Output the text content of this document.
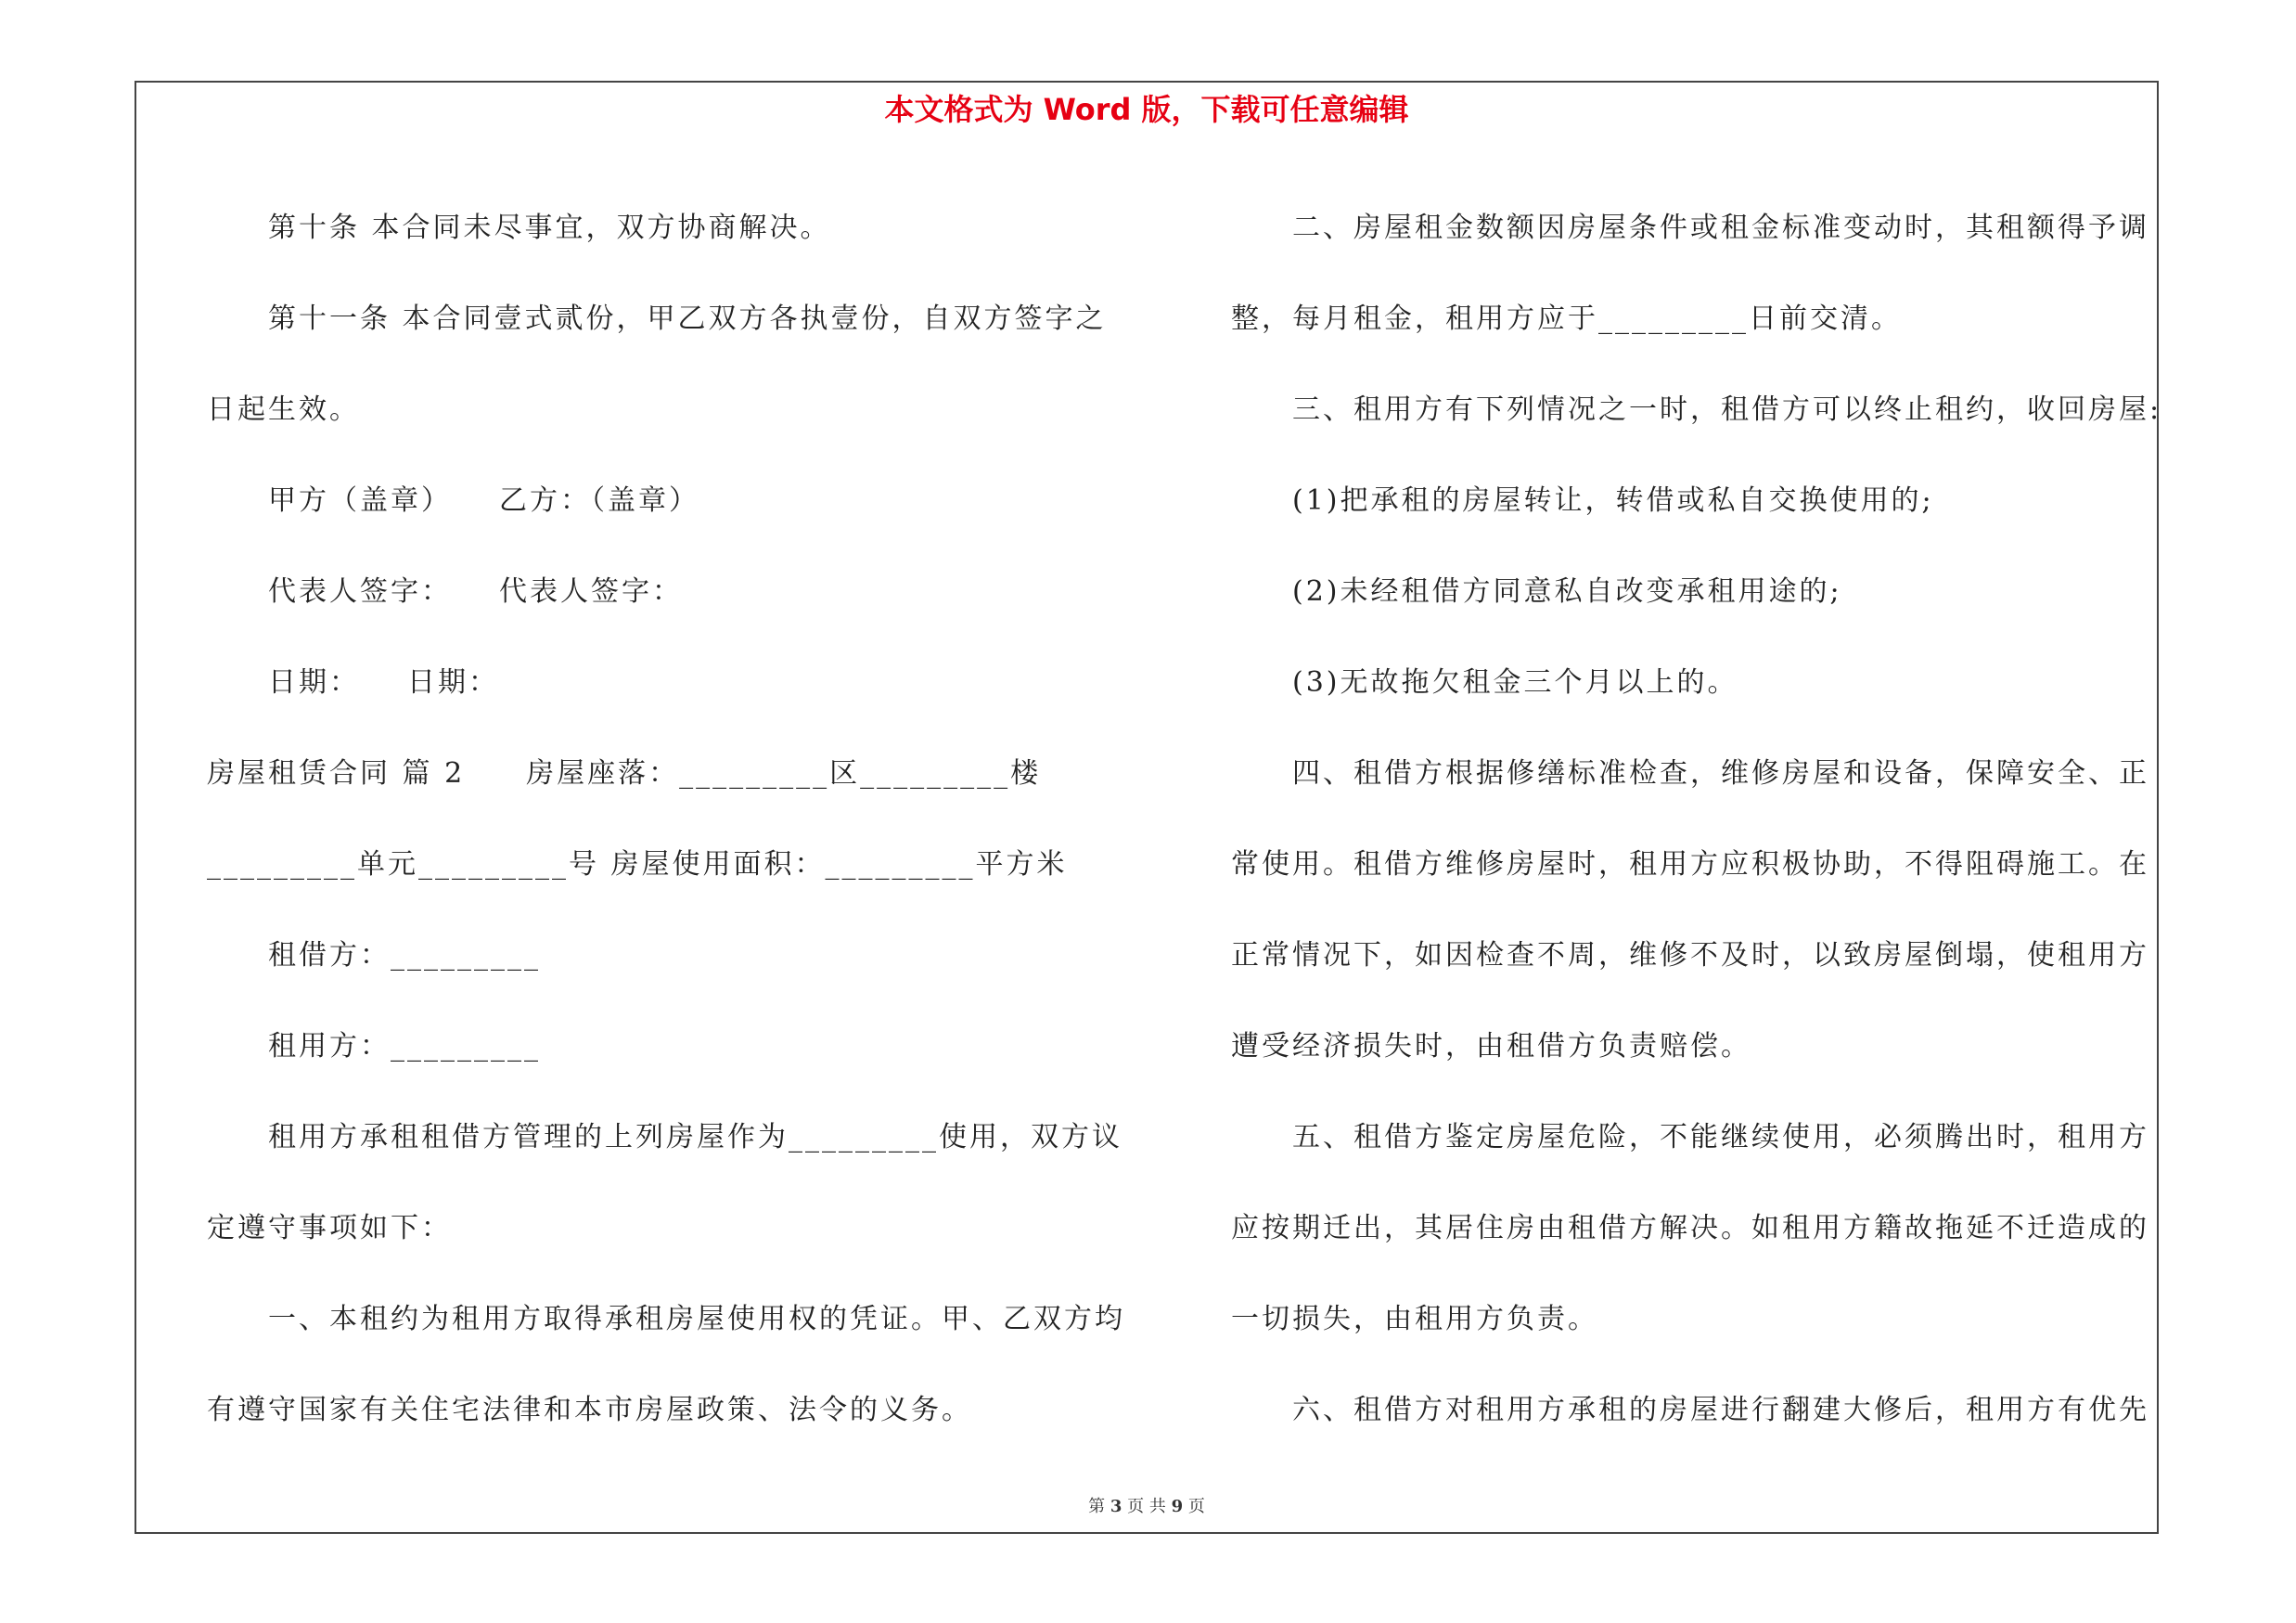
本文格式为 Word 版，下载可任意编辑
第十条 本合同未尽事宜，双方协商解决。
第十一条 本合同壹式贰份，甲乙双方各执壹份，自双方签字之
日起生效。
甲方（盖章）　　乙方：（盖章）
代表人签字：　　代表人签字：
日期：　　日期：
房屋租赁合同 篇 2　　房屋座落：_________区_________楼
_________单元_________号 房屋使用面积：_________平方米
租借方：_________
租用方：_________
租用方承租租借方管理的上列房屋作为_________使用，双方议
定遵守事项如下：
一、本租约为租用方取得承租房屋使用权的凭证。甲、乙双方均
有遵守国家有关住宅法律和本市房屋政策、法令的义务。
二、房屋租金数额因房屋条件或租金标准变动时，其租额得予调
整，每月租金，租用方应于_________日前交清。
三、租用方有下列情况之一时，租借方可以终止租约，收回房屋:
(1)把承租的房屋转让，转借或私自交换使用的;
(2)未经租借方同意私自改变承租用途的;
(3)无故拖欠租金三个月以上的。
四、租借方根据修缮标准检查，维修房屋和设备，保障安全、正
常使用。租借方维修房屋时，租用方应积极协助，不得阻碍施工。在
正常情况下，如因检查不周，维修不及时，以致房屋倒塌，使租用方
遭受经济损失时，由租借方负责赔偿。
五、租借方鉴定房屋危险，不能继续使用，必须腾出时，租用方
应按期迁出，其居住房由租借方解决。如租用方籍故拖延不迁造成的
一切损失，由租用方负责。
六、租借方对租用方承租的房屋进行翻建大修后，租用方有优先
第 3 页 共 9 页
